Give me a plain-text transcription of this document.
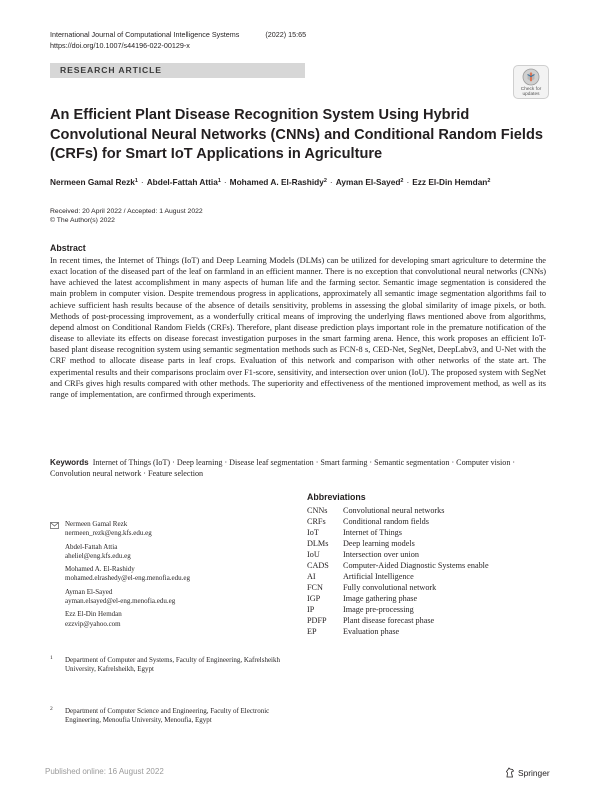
International Journal of Computational Intelligence Systems	(2022) 15:65
https://doi.org/10.1007/s44196-022-00129-x
RESEARCH ARTICLE
Check for updates
An Efficient Plant Disease Recognition System Using Hybrid Convolutional Neural Networks (CNNs) and Conditional Random Fields (CRFs) for Smart IoT Applications in Agriculture
Nermeen Gamal Rezk$^1$ · Abdel-Fattah Attia$^1$ · Mohamed A. El-Rashidy$^2$ · Ayman El-Sayed$^2$ · Ezz El-Din Hemdan$^2$
Received: 20 April 2022 / Accepted: 1 August 2022
© The Author(s) 2022
Abstract
In recent times, the Internet of Things (IoT) and Deep Learning Models (DLMs) can be utilized for developing smart agriculture to determine the exact location of the diseased part of the leaf on farmland in an efficient manner. There is no exception that convolutional neural networks (CNNs) have achieved the latest accomplishment in many aspects of human life and the farming sector. Semantic image segmentation is considered the main problem in computer vision. Despite tremendous progress in applications, approximately all semantic image segmentation algorithms fail to achieve sufficient hash results because of the absence of details sensitivity, problems in assessing the global similarity of image pixels, or both. Methods of post-processing improvement, as a wonderfully critical means of improving the underlying flaws mentioned above from algorithms, depend almost on Conditional Random Fields (CRFs). Therefore, plant disease prediction plays important role in the premature notification of the disease to alleviate its effects on disease forecast investigation purposes in the smart farming arena. Hence, this work proposes an efficient IoT-based plant disease recognition system using semantic segmentation methods such as FCN-8 s, CED-Net, SegNet, DeepLabv3, and U-Net with the CRF method to allocate disease parts in leaf crops. Evaluation of this network and comparison with other networks of the state art. The experimental results and their comparisons proclaim over F1-score, sensitivity, and intersection over union (IoU). The proposed system with SegNet and CRFs gives high results compared with other methods. The superiority and effectiveness of the mentioned improvement method, as well as its range of implementation, are confirmed through experiments.
Keywords Internet of Things (IoT) · Deep learning · Disease leaf segmentation · Smart farming · Semantic segmentation · Computer vision · Convolution neural network · Feature selection
Abbreviations
CNNs	Convolutional neural networks
CRFs	Conditional random fields
IoT	Internet of Things
DLMs	Deep learning models
IoU	Intersection over union
CADS	Computer-Aided Diagnostic Systems enable
AI	Artificial Intelligence
FCN	Fully convolutional network
IGP	Image gathering phase
IP	Image pre-processing
PDFP	Plant disease forecast phase
EP	Evaluation phase
Nermeen Gamal Rezk
nermeen_rezk@eng.kfs.edu.eg
Abdel-Fattah Attia
aheliel@eng.kfs.edu.eg
Mohamed A. El-Rashidy
mohamed.elrashedy@el-eng.menofia.edu.eg
Ayman El-Sayed
ayman.elsayed@el-eng.menofia.edu.eg
Ezz El-Din Hemdan
ezzvip@yahoo.com
1 Department of Computer and Systems, Faculty of Engineering, Kafrelsheikh University, Kafrelsheikh, Egypt
2 Department of Computer Science and Engineering, Faculty of Electronic Engineering, Menoufia University, Menoufia, Egypt
Published online: 16 August 2022	Springer
